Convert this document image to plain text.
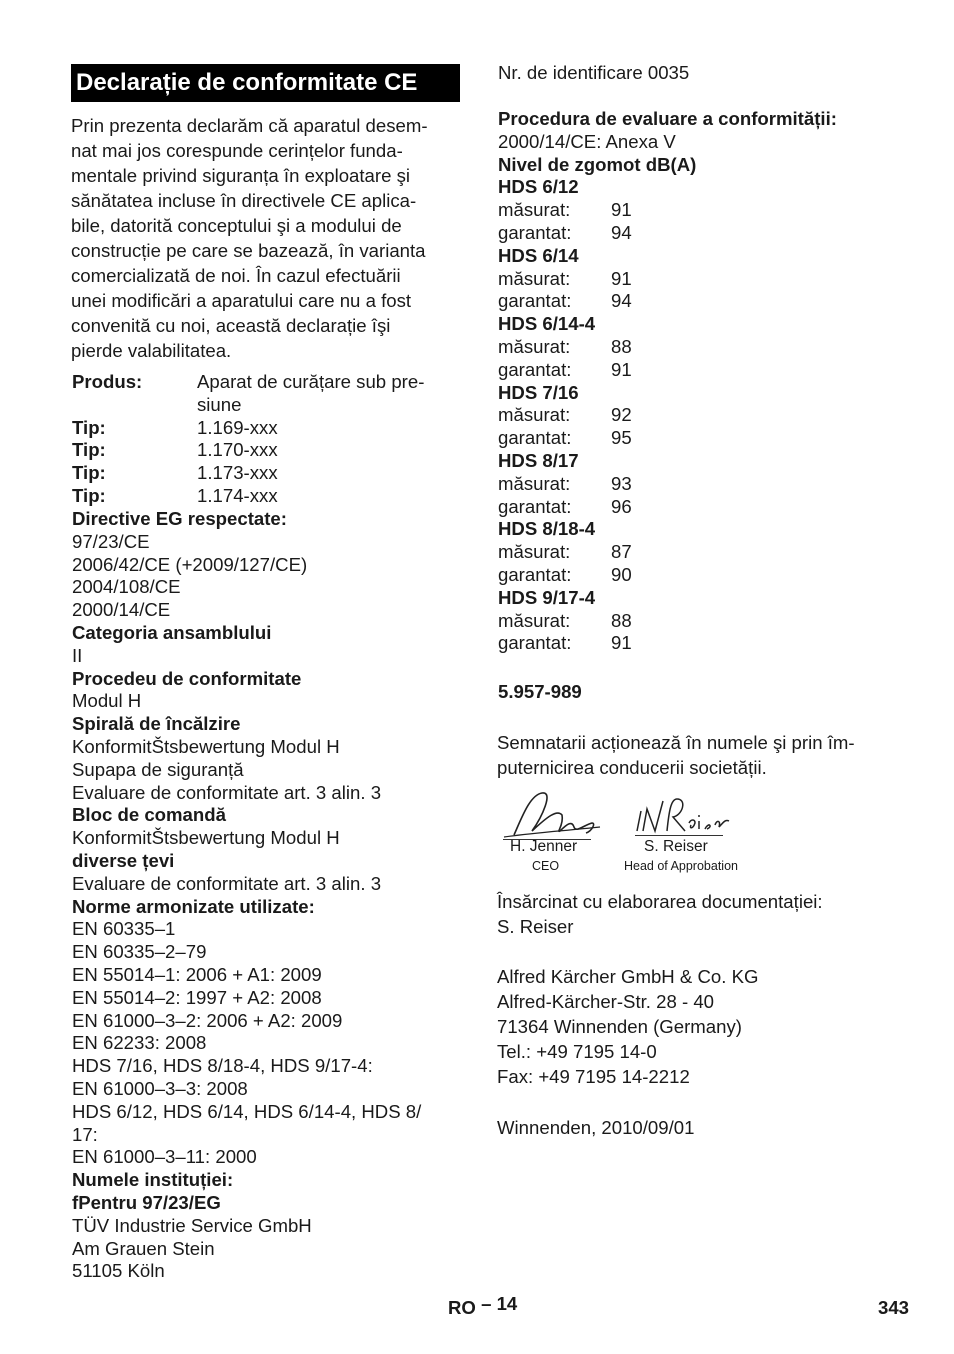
Declarație de conformitate CE
Prin prezenta declarăm că aparatul desem-
nat mai jos corespunde cerințelor funda-
mentale privind siguranța în exploatare şi
sănătatea incluse în directivele CE aplica-
bile, datorită conceptului şi a modului de
construcție pe care se bazează, în varianta
comercializată de noi. În cazul efectuării
unei modificări a aparatului care nu a fost
convenită cu noi, această declarație îşi
pierde valabilitatea.
Produs:	Aparat de curățare sub pre-
siune
Tip:	1.169-xxx
Tip:	1.170-xxx
Tip:	1.173-xxx
Tip:	1.174-xxx
Directive EG respectate:
97/23/CE
2006/42/CE (+2009/127/CE)
2004/108/CE
2000/14/CE
Categoria ansamblului
II
Procedeu de conformitate
Modul H
Spirală de încălzire
KonformitŠtsbewertung Modul H
Supapa de siguranță
Evaluare de conformitate art. 3 alin. 3
Bloc de comandă
KonformitŠtsbewertung Modul H
diverse țevi
Evaluare de conformitate art. 3 alin. 3
Norme armonizate utilizate:
EN 60335–1
EN 60335–2–79
EN 55014–1: 2006 + A1: 2009
EN 55014–2: 1997 + A2: 2008
EN 61000–3–2: 2006 + A2: 2009
EN 62233: 2008
HDS 7/16, HDS 8/18-4, HDS 9/17-4:
EN 61000–3–3: 2008
HDS 6/12, HDS 6/14, HDS 6/14-4, HDS 8/
17:
EN 61000–3–11: 2000
Numele instituției:
fPentru 97/23/EG
TÜV Industrie Service GmbH
Am Grauen Stein
51105 Köln
Nr. de identificare 0035
Procedura de evaluare a conformității:
2000/14/CE: Anexa V
Nivel de zgomot dB(A)
HDS 6/12
măsurat:	91
garantat:	94
HDS 6/14
măsurat:	91
garantat:	94
HDS 6/14-4
măsurat:	88
garantat:	91
HDS 7/16
măsurat:	92
garantat:	95
HDS 8/17
măsurat:	93
garantat:	96
HDS 8/18-4
măsurat:	87
garantat:	90
HDS 9/17-4
măsurat:	88
garantat:	91
5.957-989
Semnatarii acționează în numele şi prin îm-
puternicirea conducerii societății.
H. Jenner
CEO
S. Reiser
Head of Approbation
Însărcinat cu elaborarea documentației:
S. Reiser
Alfred Kärcher GmbH & Co. KG
Alfred-Kärcher-Str. 28 - 40
71364 Winnenden (Germany)
Tel.: +49 7195 14-0
Fax: +49 7195 14-2212
Winnenden, 2010/09/01
RO – 14	343
